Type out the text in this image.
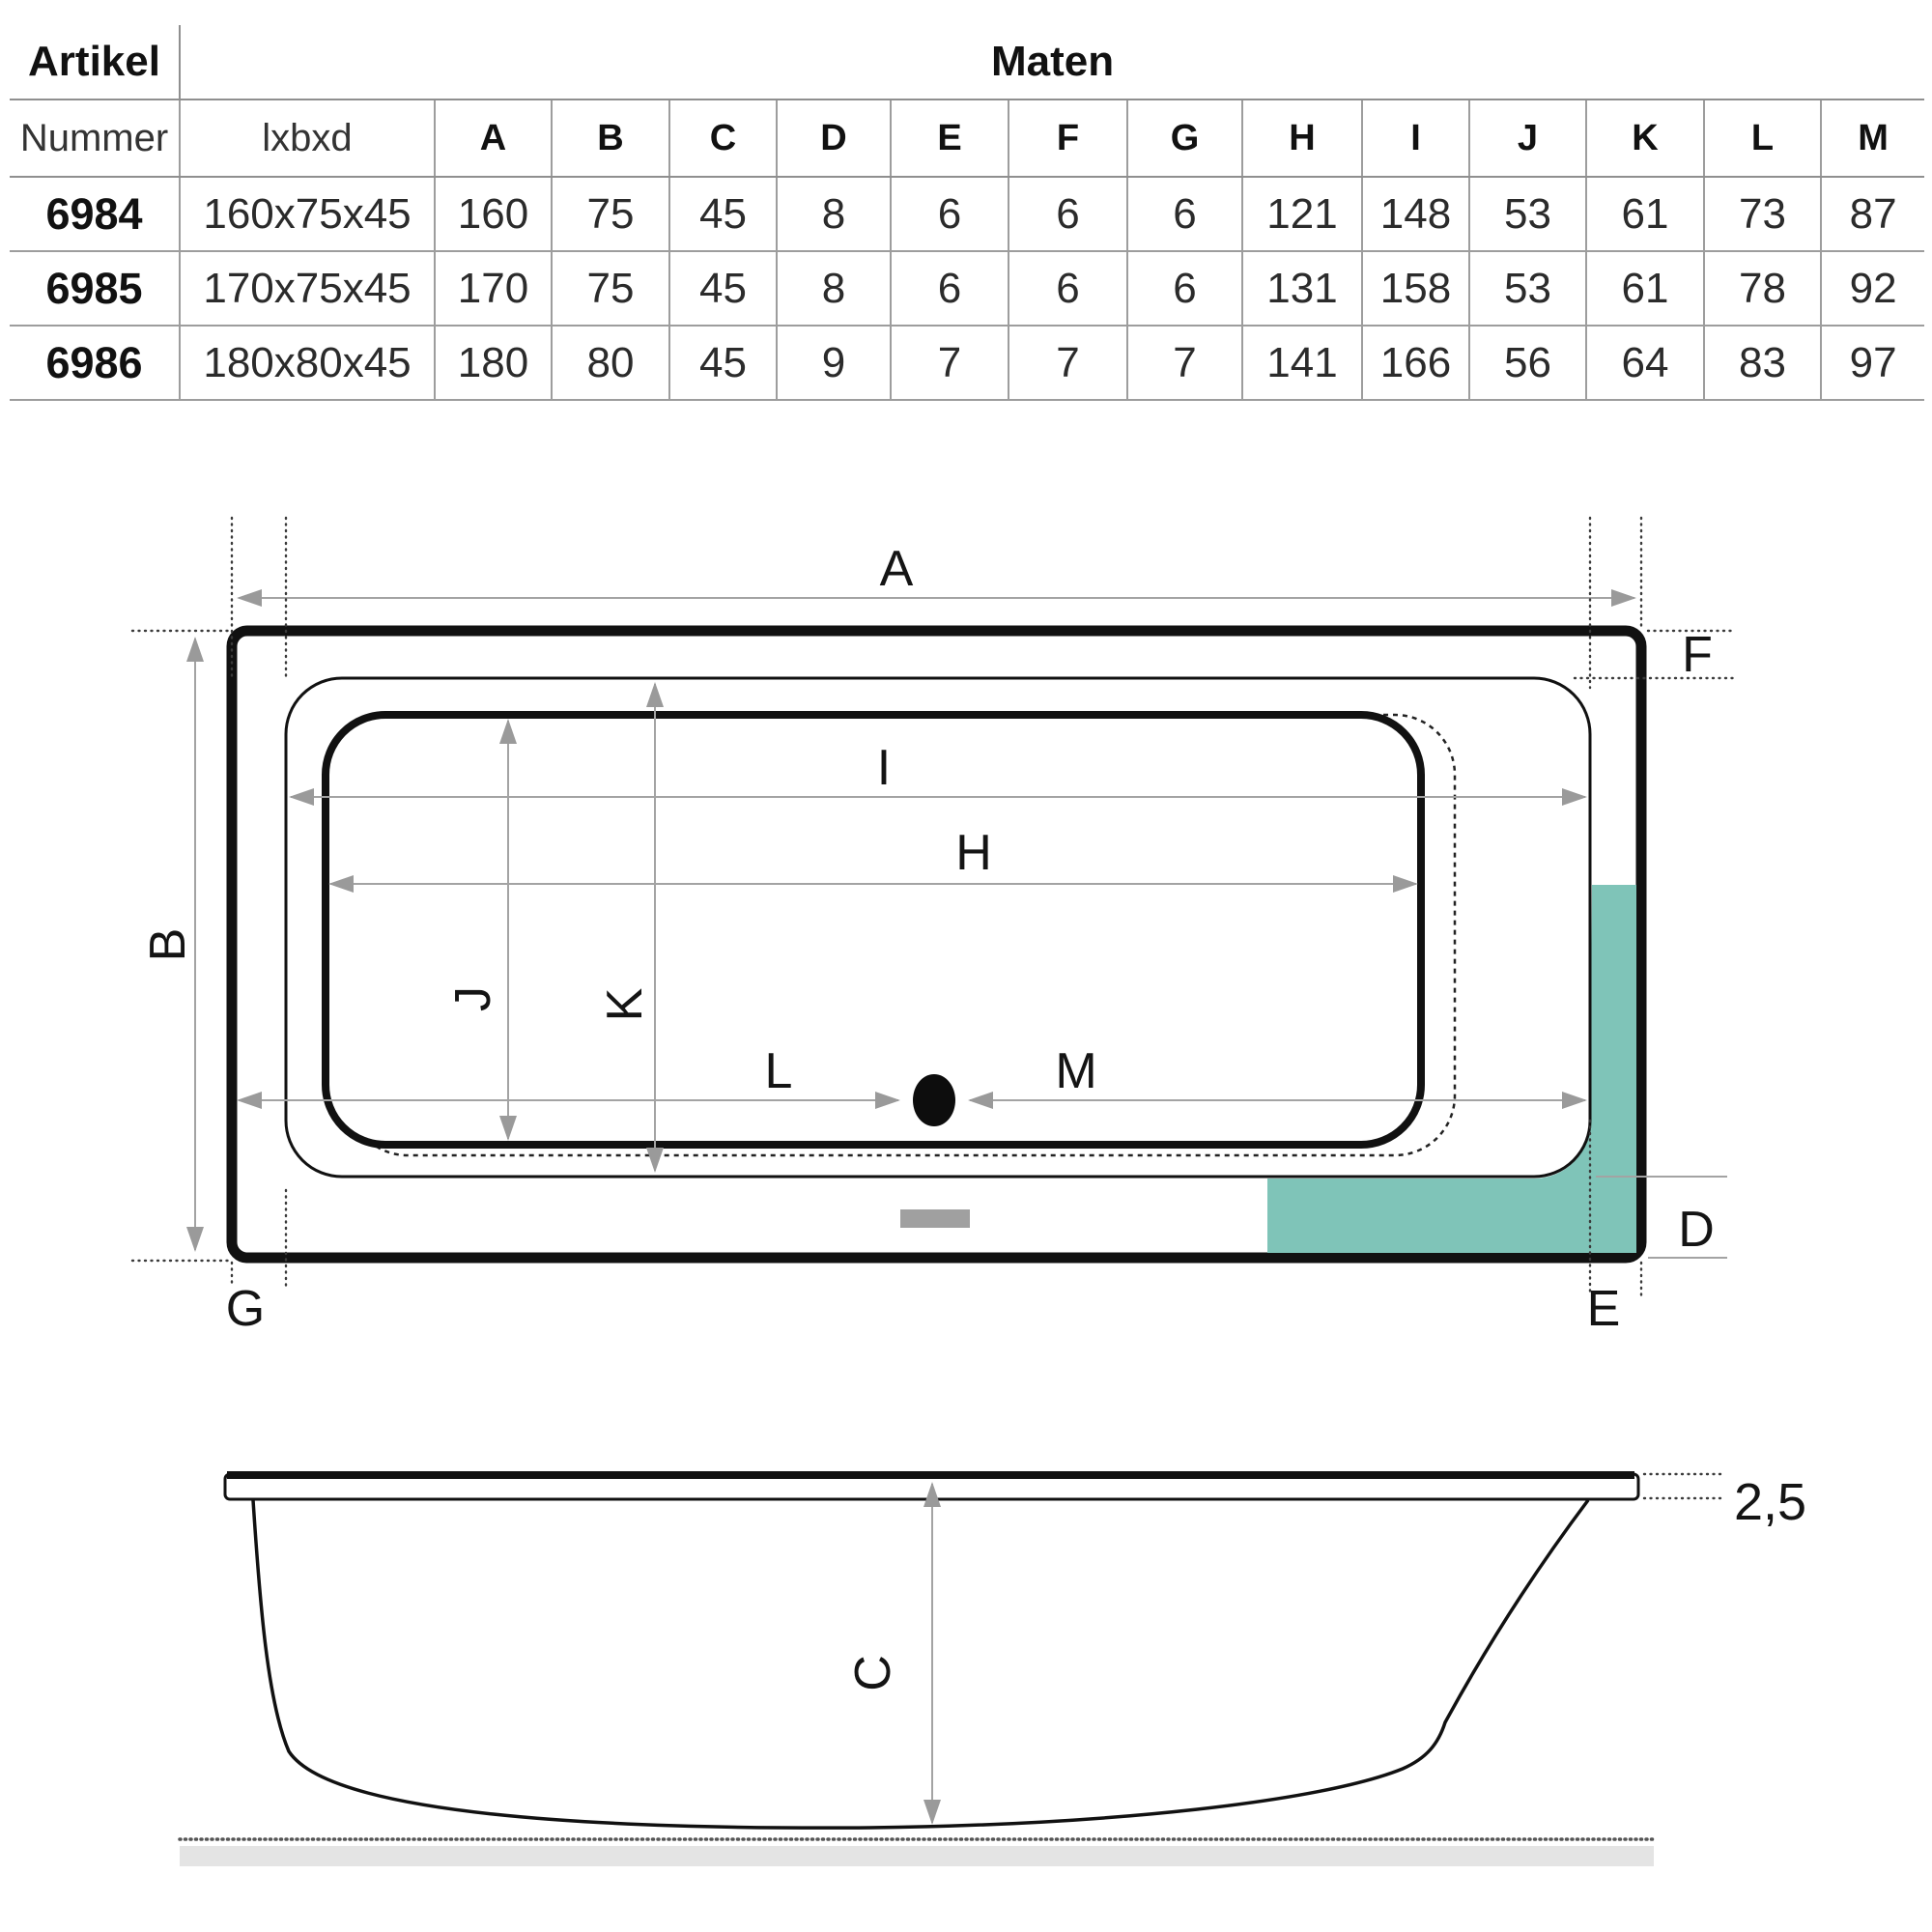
Artikel	Maten													
Nummer	lxbxd	A	B	C	D	E	F	G	H	I	J	K	L	M
6984	160x75x45	160	75	45	8	6	6	6	121	148	53	61	73	87
6985	170x75x45	170	75	45	8	6	6	6	131	158	53	61	78	92
6986	180x80x45	180	80	45	9	7	7	7	141	166	56	64	83	97
A
B
F
I
H
J K
L	M
D
G	E
C
2,5
